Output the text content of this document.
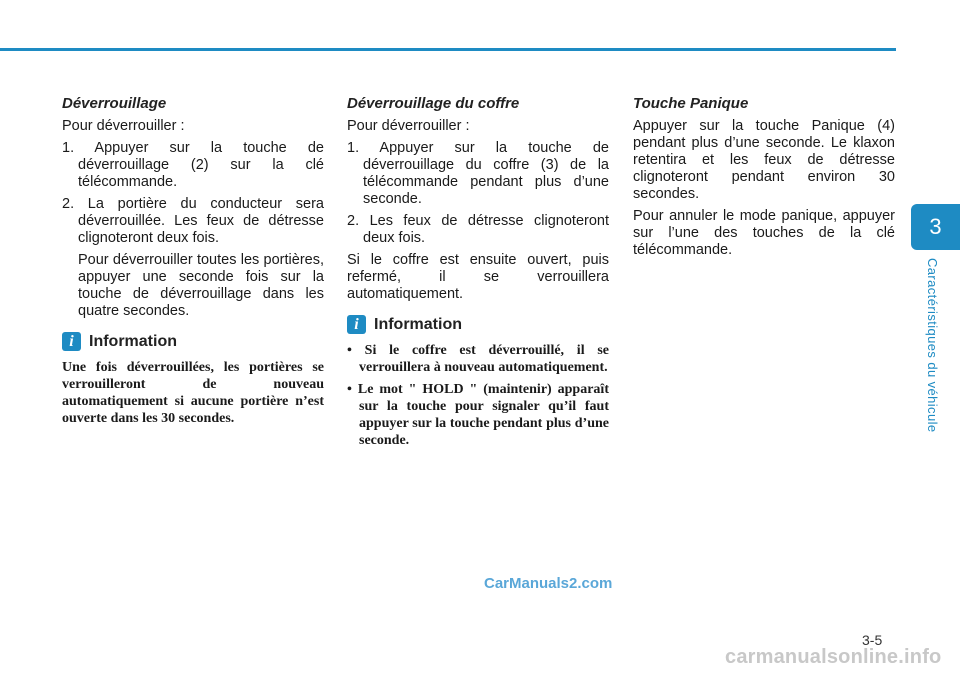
3
Caractéristiques du véhicule
Déverrouillage

Pour déverrouiller :

1. Appuyer sur la touche de déverrouillage (2) sur la clé télécommande.
2. La portière du conducteur sera déverrouillée. Les feux de détresse clignoteront deux fois.

Pour déverrouiller toutes les portières, appuyer une seconde fois sur la touche de déverrouillage dans les quatre secondes.

i Information

Une fois déverrouillées, les portières se verrouilleront de nouveau automatiquement si aucune portière n’est ouverte dans les 30 secondes.

Déverrouillage du coffre

Pour déverrouiller :

1. Appuyer sur la touche de déverrouillage du coffre (3) de la télécommande pendant plus d’une seconde.
2. Les feux de détresse clignoteront deux fois.

Si le coffre est ensuite ouvert, puis refermé, il se verrouillera automatiquement.

i Information
• Si le coffre est déverrouillé, il se verrouillera à nouveau automatiquement.
• Le mot " HOLD " (maintenir) apparaît sur la touche pour signaler qu’il faut appuyer sur la touche pendant plus d’une seconde.
Touche Panique

Appuyer sur la touche Panique (4) pendant plus d’une seconde. Le klaxon retentira et les feux de détresse clignoteront pendant environ 30 secondes.

Pour annuler le mode panique, appuyer sur l’une des touches de la clé télécommande.

CarManuals2.com
3-5
carmanualsonline.info
